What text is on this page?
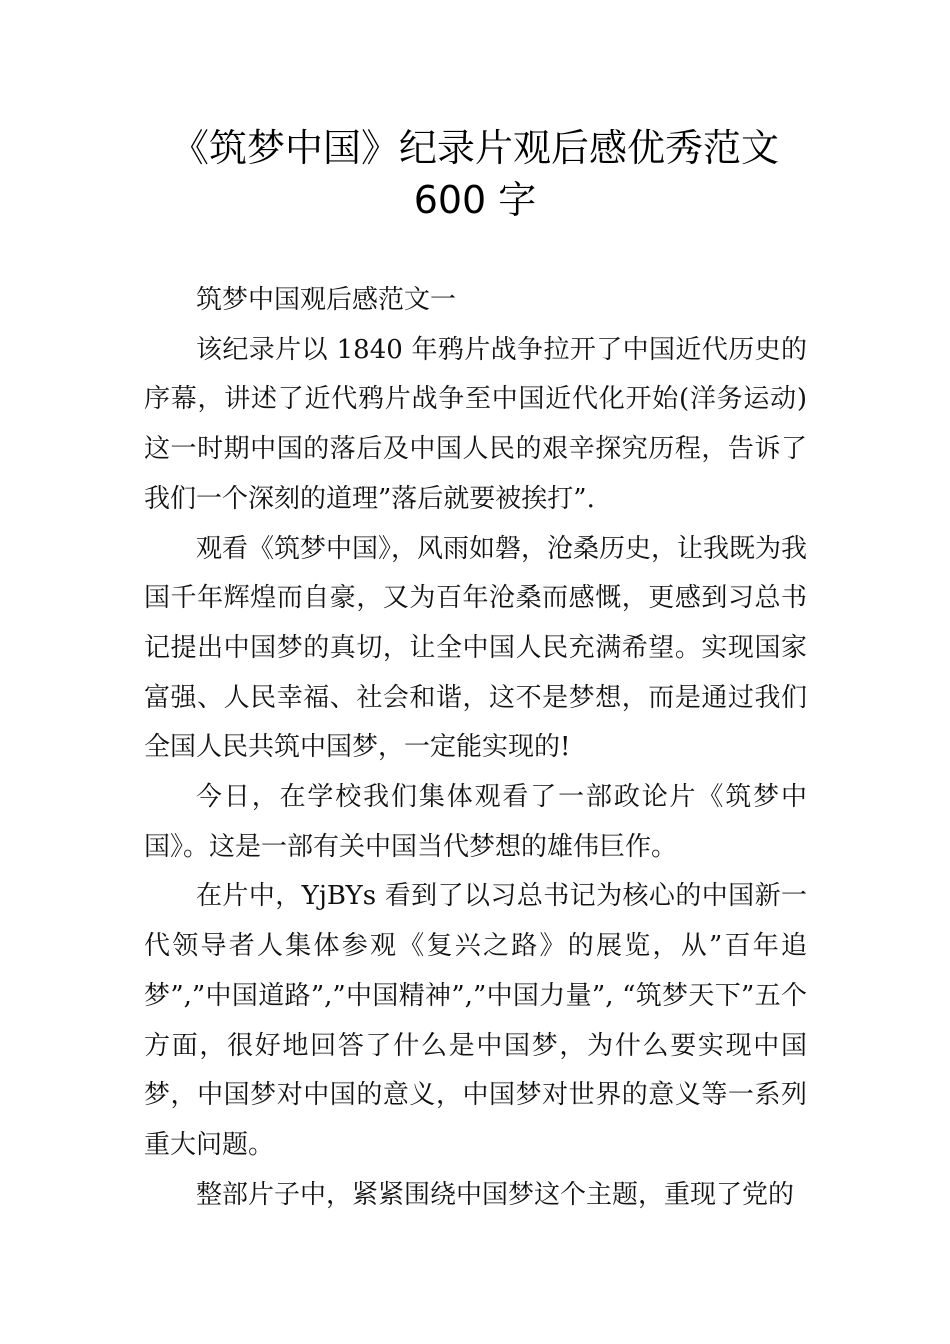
《筑梦中国》纪录片观后感优秀范文
600 字

筑梦中国观后感范文一

该纪录片以 1840 年鸦片战争拉开了中国近代历史的序幕，讲述了近代鸦片战争至中国近代化开始(洋务运动)这一时期中国的落后及中国人民的艰辛探究历程，告诉了我们一个深刻的道理”落后就要被挨打”.

观看《筑梦中国》，风雨如磐，沧桑历史，让我既为我国千年辉煌而自豪，又为百年沧桑而感慨，更感到习总书记提出中国梦的真切，让全中国人民充满希望。实现国家富强、人民幸福、社会和谐，这不是梦想，而是通过我们全国人民共筑中国梦，一定能实现的!

今日，在学校我们集体观看了一部政论片《筑梦中国》。这是一部有关中国当代梦想的雄伟巨作。

在片中，YjBYs 看到了以习总书记为核心的中国新一代领导者人集体参观《复兴之路》的展览，从”百年追梦”,”中国道路”,”中国精神”,”中国力量”, “筑梦天下”五个方面，很好地回答了什么是中国梦，为什么要实现中国梦，中国梦对中国的意义，中国梦对世界的意义等一系列重大问题。

整部片子中，紧紧围绕中国梦这个主题，重现了党的
